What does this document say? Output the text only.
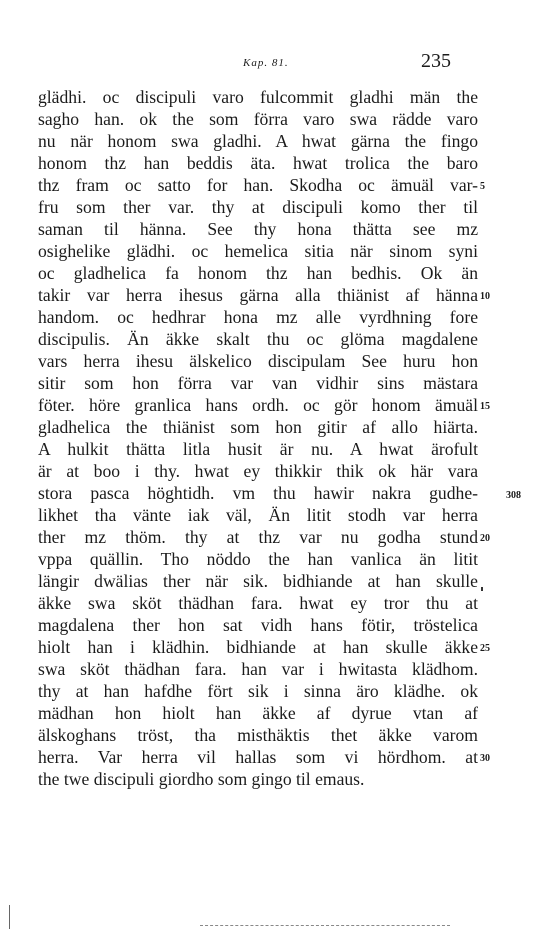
Kap. 81.	235
glädhi. oc discipuli varo fulcommit gladhi män the
sagho han. ok the som förra varo swa rädde varo
nu när honom swa gladhi. A hwat gärna the fingo
honom thz han beddis äta. hwat trolica the baro
thz fram oc satto for han. Skodha oc ämuäl var-
fru som ther var. thy at discipuli komo ther til
saman til hänna. See thy hona thätta see mz
osighelike glädhi. oc hemelica sitia när sinom syni
oc gladhelica fa honom thz han bedhis. Ok än
takir var herra ihesus gärna alla thiänist af hänna
handom. oc hedhrar hona mz alle vyrdhning fore
discipulis. Än äkke skalt thu oc glöma magdalene
vars herra ihesu älskelico discipulam See huru hon
sitir som hon förra var van vidhir sins mästara
föter. höre granlica hans ordh. oc gör honom ämuäl
gladhelica the thiänist som hon gitir af allo hiärta.
A hulkit thätta litla husit är nu. A hwat ärofult
är at boo i thy. hwat ey thikkir thik ok här vara
stora pasca höghtidh. vm thu hawir nakra gudhe-
likhet tha vänte iak väl, Än litit stodh var herra
ther mz thöm. thy at thz var nu godha stund
vppa quällin. Tho nöddo the han vanlica än litit
längir dwälias ther när sik. bidhiande at han skulle
äkke swa sköt thädhan fara. hwat ey tror thu at
magdalena ther hon sat vidh hans fötir, tröstelica
hiolt han i klädhin. bidhiande at han skulle äkke
swa sköt thädhan fara. han var i hwitasta klädhom.
thy at han hafdhe fört sik i sinna äro klädhe. ok
mädhan hon hiolt han äkke af dyrue vtan af
älskoghans tröst, tha misthäktis thet äkke varom
herra. Var herra vil hallas som vi hördhom. at
the twe discipuli giordho som gingo til emaus.
5
10
15
20
25
30
308
